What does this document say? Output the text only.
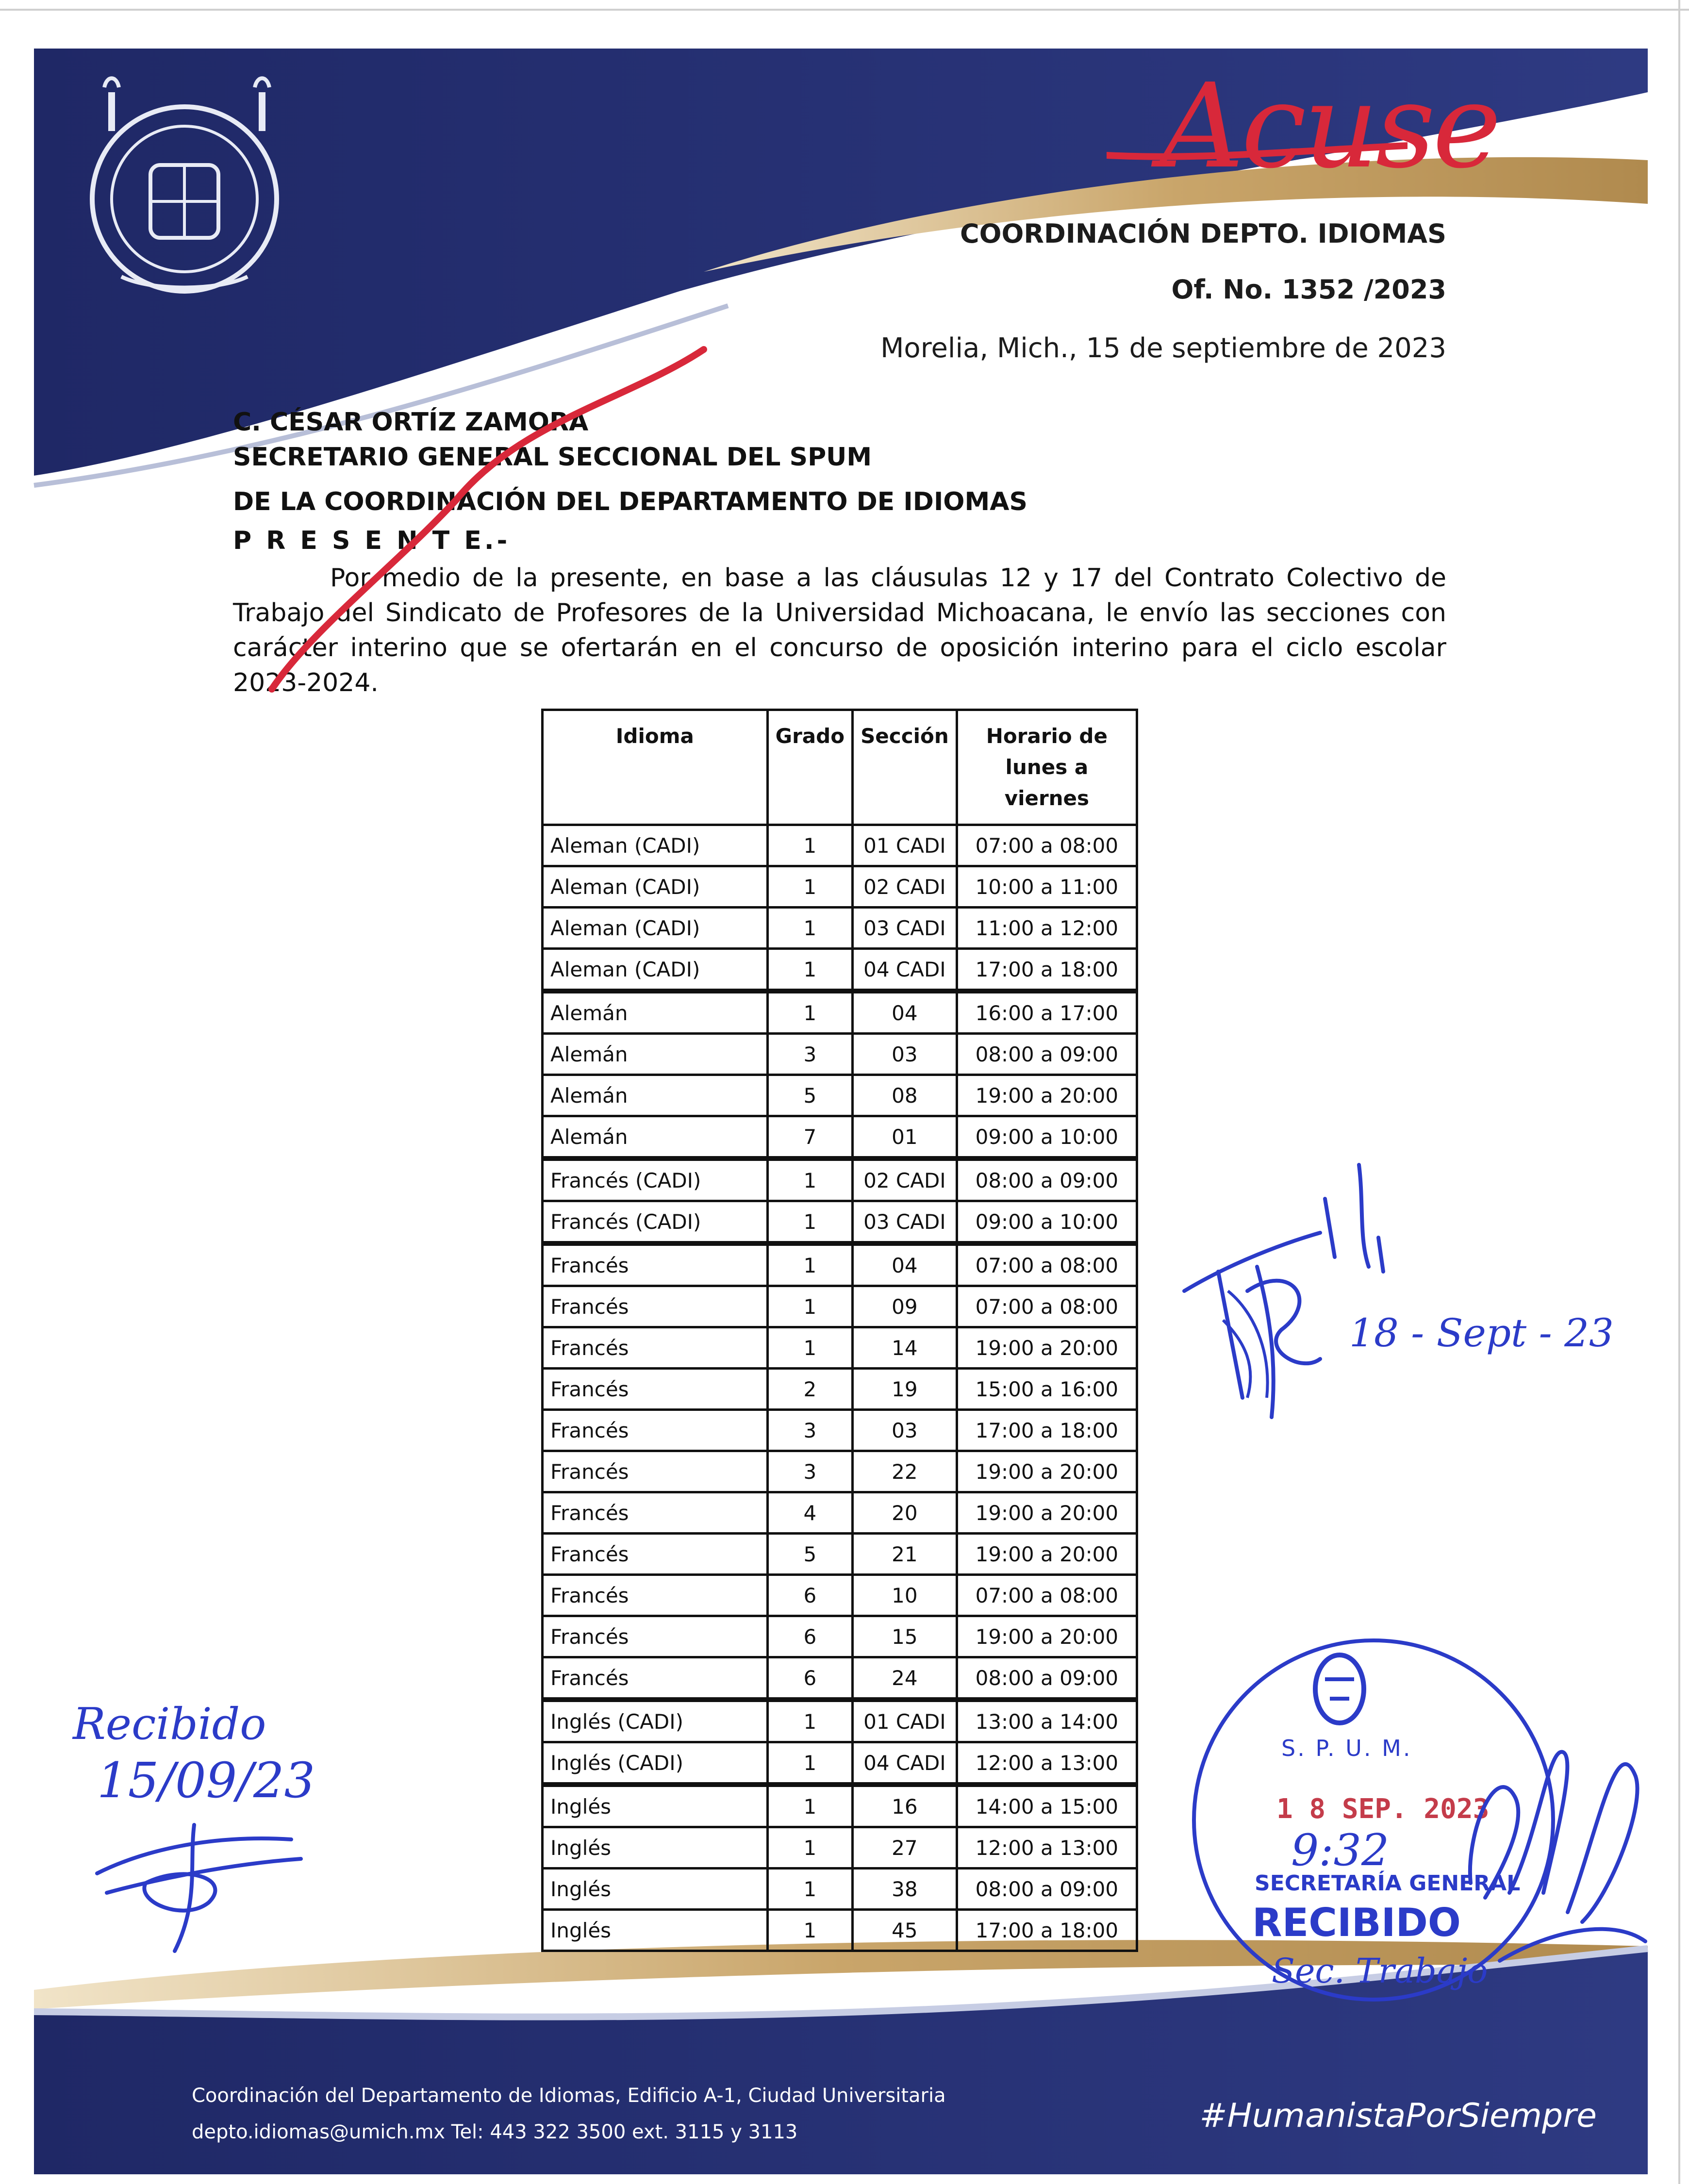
Acuse
COORDINACIÓN DEPTO. IDIOMAS
Of. No. 1352 /2023
Morelia, Mich., 15 de septiembre de 2023
C. CÉSAR ORTÍZ ZAMORA
SECRETARIO GENERAL SECCIONAL DEL SPUM
DE LA COORDINACIÓN DEL DEPARTAMENTO DE IDIOMAS
P R E S E N T E.-
Por medio de la presente, en base a las cláusulas 12 y 17 del Contrato Colectivo de Trabajo del Sindicato de Profesores de la Universidad Michoacana, le envío las secciones con carácter interino que se ofertarán en el concurso de oposición interino para el ciclo escolar 2023-2024.
Idioma	Grado	Sección	Horario de lunes a viernes
Aleman (CADI)	1	01 CADI	07:00 a 08:00
Aleman (CADI)	1	02 CADI	10:00 a 11:00
Aleman (CADI)	1	03 CADI	11:00 a 12:00
Aleman (CADI)	1	04 CADI	17:00 a 18:00
Alemán	1	04	16:00 a 17:00
Alemán	3	03	08:00 a 09:00
Alemán	5	08	19:00 a 20:00
Alemán	7	01	09:00 a 10:00
Francés (CADI)	1	02 CADI	08:00 a 09:00
Francés (CADI)	1	03 CADI	09:00 a 10:00
Francés	1	04	07:00 a 08:00
Francés	1	09	07:00 a 08:00
Francés	1	14	19:00 a 20:00
Francés	2	19	15:00 a 16:00
Francés	3	03	17:00 a 18:00
Francés	3	22	19:00 a 20:00
Francés	4	20	19:00 a 20:00
Francés	5	21	19:00 a 20:00
Francés	6	10	07:00 a 08:00
Francés	6	15	19:00 a 20:00
Francés	6	24	08:00 a 09:00
Inglés (CADI)	1	01 CADI	13:00 a 14:00
Inglés (CADI)	1	04 CADI	12:00 a 13:00
Inglés	1	16	14:00 a 15:00
Inglés	1	27	12:00 a 13:00
Inglés	1	38	08:00 a 09:00
Inglés	1	45	17:00 a 18:00
18 - Sept - 23
Recibido
15/09/23
S. P. U. M.
1 8 SEP. 2023
9:32
SECRETARÍA GENERAL
RECIBIDO
Sec. Trabajo
Coordinación del Departamento de Idiomas, Edificio A-1, Ciudad Universitaria
depto.idiomas@umich.mx Tel: 443 322 3500 ext. 3115 y 3113	#HumanistaPorSiempre
